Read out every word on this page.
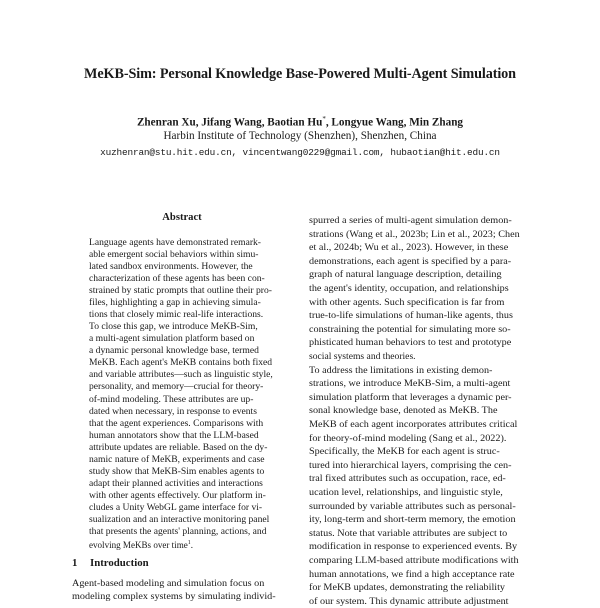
MeKB-Sim: Personal Knowledge Base-Powered Multi-Agent Simulation
Zhenran Xu, Jifang Wang, Baotian Hu*, Longyue Wang, Min Zhang
Harbin Institute of Technology (Shenzhen), Shenzhen, China
xuzhenran@stu.hit.edu.cn, vincentwang0229@gmail.com, hubaotian@hit.edu.cn
Abstract
Language agents have demonstrated remark-
able emergent social behaviors within simu-
lated sandbox environments. However, the
characterization of these agents has been con-
strained by static prompts that outline their pro-
files, highlighting a gap in achieving simula-
tions that closely mimic real-life interactions.
To close this gap, we introduce MeKB-Sim,
a multi-agent simulation platform based on
a dynamic personal knowledge base, termed
MeKB. Each agent's MeKB contains both fixed
and variable attributes—such as linguistic style,
personality, and memory—crucial for theory-
of-mind modeling. These attributes are up-
dated when necessary, in response to events
that the agent experiences. Comparisons with
human annotators show that the LLM-based
attribute updates are reliable. Based on the dy-
namic nature of MeKB, experiments and case
study show that MeKB-Sim enables agents to
adapt their planned activities and interactions
with other agents effectively. Our platform in-
cludes a Unity WebGL game interface for vi-
sualization and an interactive monitoring panel
that presents the agents' planning, actions, and
evolving MeKBs over time$^1$.
1 Introduction
Agent-based modeling and simulation focus on
modeling complex systems by simulating individ-
spurred a series of multi-agent simulation demon-
strations (Wang et al., 2023b; Lin et al., 2023; Chen
et al., 2024b; Wu et al., 2023). However, in these
demonstrations, each agent is specified by a para-
graph of natural language description, detailing
the agent's identity, occupation, and relationships
with other agents. Such specification is far from
true-to-life simulations of human-like agents, thus
constraining the potential for simulating more so-
phisticated human behaviors to test and prototype
social systems and theories.
To address the limitations in existing demon-
strations, we introduce MeKB-Sim, a multi-agent
simulation platform that leverages a dynamic per-
sonal knowledge base, denoted as MeKB. The
MeKB of each agent incorporates attributes critical
for theory-of-mind modeling (Sang et al., 2022).
Specifically, the MeKB for each agent is struc-
tured into hierarchical layers, comprising the cen-
tral fixed attributes such as occupation, race, ed-
ucation level, relationships, and linguistic style,
surrounded by variable attributes such as personal-
ity, long-term and short-term memory, the emotion
status. Note that variable attributes are subject to
modification in response to experienced events. By
comparing LLM-based attribute modifications with
human annotations, we find a high acceptance rate
for MeKB updates, demonstrating the reliability
of our system. This dynamic attribute adjustment
